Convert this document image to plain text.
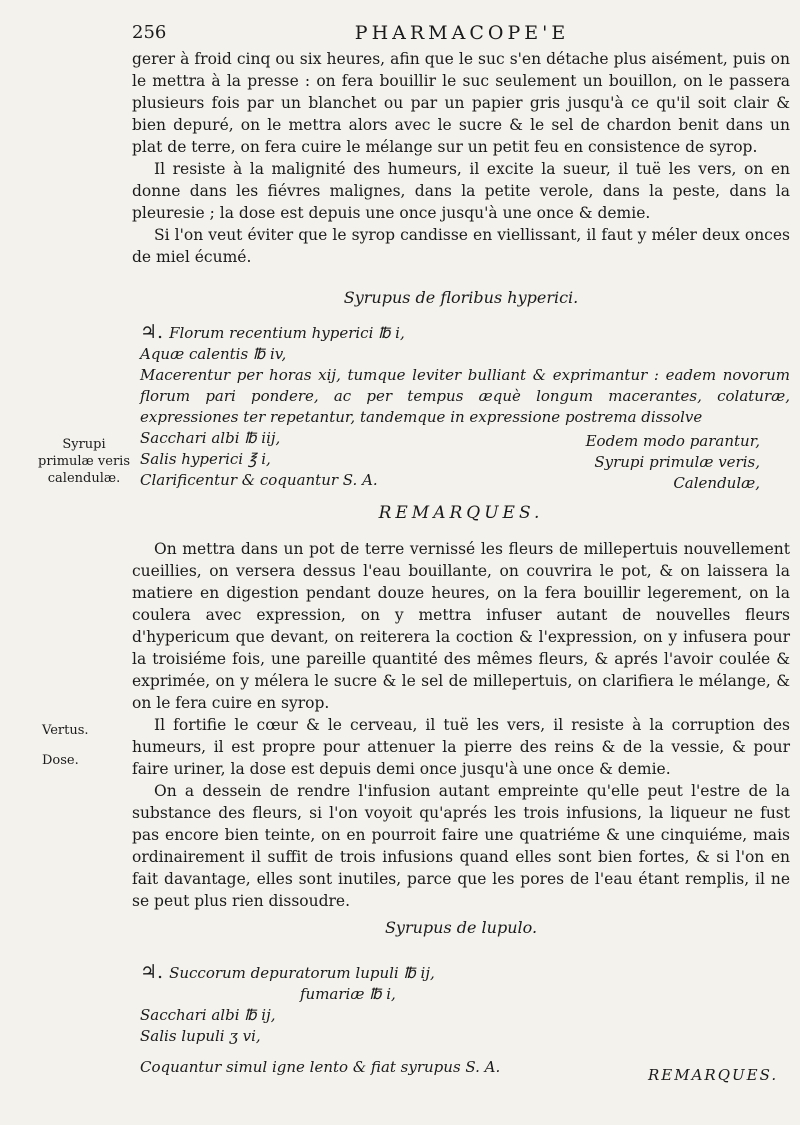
256	PHARMACOPE'E

gerer à froid cinq ou six heures, afin que le suc s'en détache plus aisément, puis on le mettra à la presse : on fera bouillir le suc seulement un bouillon, on le passera plusieurs fois par un blanchet ou par un papier gris jusqu'à ce qu'il soit clair & bien depuré, on le mettra alors avec le sucre & le sel de chardon benit dans un plat de terre, on fera cuire le mélange sur un petit feu en consistence de syrop.

Il resiste à la malignité des humeurs, il excite la sueur, il tuë les vers, on en donne dans les fiévres malignes, dans la petite verole, dans la peste, dans la pleuresie ; la dose est depuis une once jusqu'à une once & demie.

Si l'on veut éviter que le syrop candisse en viellissant, il faut y méler deux onces de miel écumé.

Syrupus de floribus hyperici.
♃. Florum recentium hyperici ℔ i,
Aquæ calentis ℔ iv,
Macerentur per horas xij, tumque leviter bulliant & exprimantur : eadem novorum florum pari pondere, ac per tempus æquè longum macerantes, colaturæ, expressiones ter repetantur, tandemque in expressione postrema dissolve
Sacchari albi ℔ iij,
Salis hyperici ℥ i,
Clarificentur & coquantur S. A.
Eodem modo parantur,
Syrupi primulæ veris,
Calendulæ,
Syrupi primulæ veris calendulæ.
REMARQUES.

On mettra dans un pot de terre vernissé les fleurs de millepertuis nouvellement cueillies, on versera dessus l'eau bouillante, on couvrira le pot, & on laissera la matiere en digestion pendant douze heures, on la fera bouillir legerement, on la coulera avec expression, on y mettra infuser autant de nouvelles fleurs d'hypericum que devant, on reiterera la coction & l'expression, on y infusera pour la troisiéme fois, une pareille quantité des mêmes fleurs, & aprés l'avoir coulée & exprimée, on y mélera le sucre & le sel de millepertuis, on clarifiera le mélange, & on le fera cuire en syrop.

Il fortifie le cœur & le cerveau, il tuë les vers, il resiste à la corruption des humeurs, il est propre pour attenuer la pierre des reins & de la vessie, & pour faire uriner, la dose est depuis demi once jusqu'à une once & demie.

On a dessein de rendre l'infusion autant empreinte qu'elle peut l'estre de la substance des fleurs, si l'on voyoit qu'aprés les trois infusions, la liqueur ne fust pas encore bien teinte, on en pourroit faire une quatriéme & une cinquiéme, mais ordinairement il suffit de trois infusions quand elles sont bien fortes, & si l'on en fait davantage, elles sont inutiles, parce que les pores de l'eau étant remplis, il ne se peut plus rien dissoudre.

Vertus.
Dose.
Syrupus de lupulo.
♃. Succorum depuratorum lupuli ℔ ij,
fumariæ ℔ i,
Sacchari albi ℔ ij,
Salis lupuli ʒ vi,
Coquantur simul igne lento & fiat syrupus S. A.	REMARQUES.
